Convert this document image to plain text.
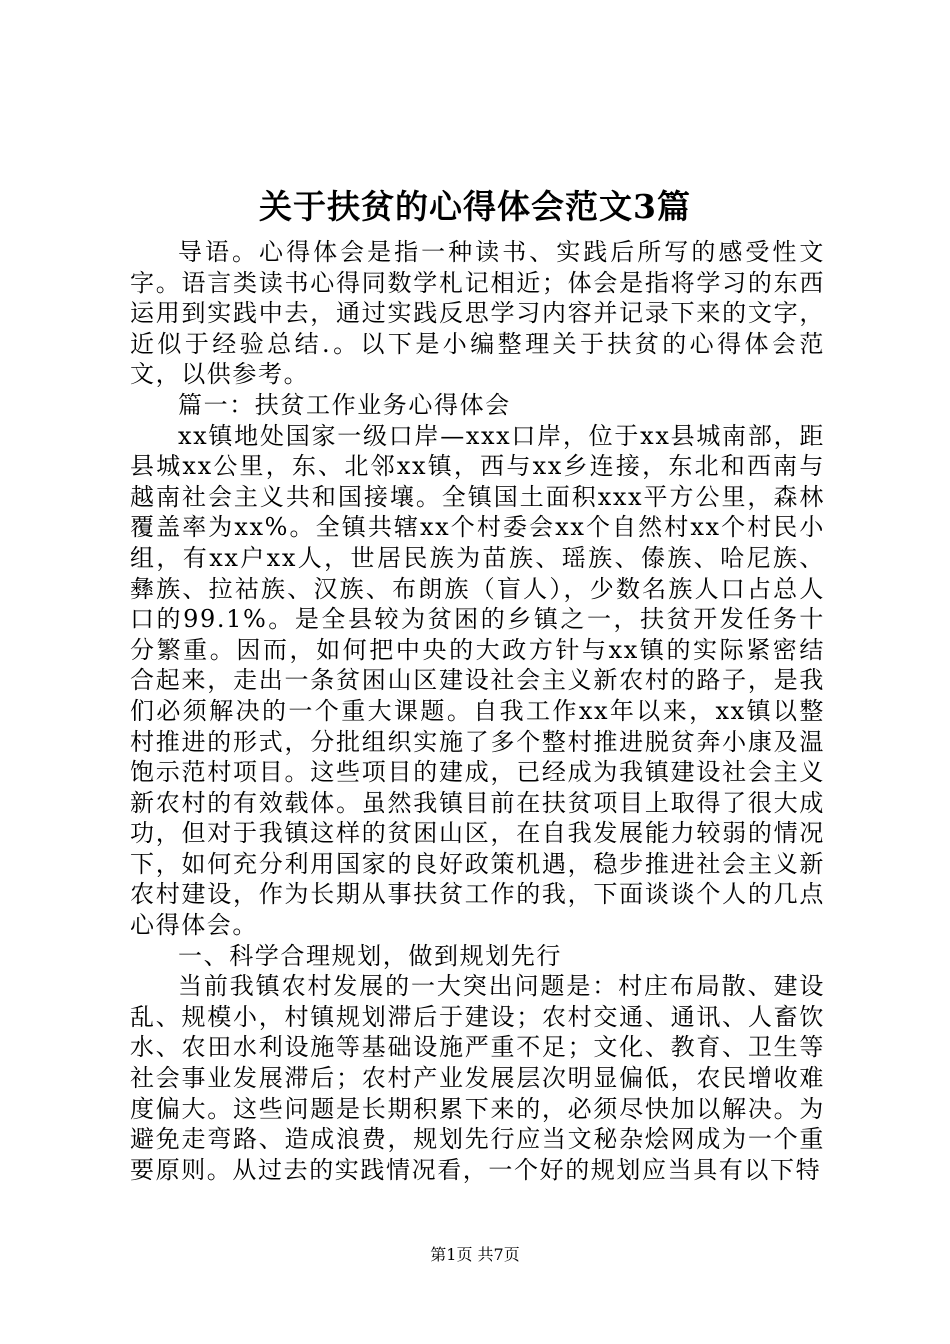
关于扶贫的心得体会范文3篇

导语。心得体会是指一种读书、实践后所写的感受性文字。语言类读书心得同数学札记相近；体会是指将学习的东西运用到实践中去，通过实践反思学习内容并记录下来的文字，近似于经验总结.。以下是小编整理关于扶贫的心得体会范文，以供参考。

篇一：扶贫工作业务心得体会

xx镇地处国家一级口岸—xxx口岸，位于xx县城南部，距县城xx公里，东、北邻xx镇，西与xx乡连接，东北和西南与越南社会主义共和国接壤。全镇国土面积xxx平方公里，森林覆盖率为xx%。全镇共辖xx个村委会xx个自然村xx个村民小组，有xx户xx人，世居民族为苗族、瑶族、傣族、哈尼族、彝族、拉祜族、汉族、布朗族（盲人），少数名族人口占总人口的99.1%。是全县较为贫困的乡镇之一，扶贫开发任务十分繁重。因而，如何把中央的大政方针与xx镇的实际紧密结合起来，走出一条贫困山区建设社会主义新农村的路子，是我们必须解决的一个重大课题。自我工作xx年以来，xx镇以整村推进的形式，分批组织实施了多个整村推进脱贫奔小康及温饱示范村项目。这些项目的建成，已经成为我镇建设社会主义新农村的有效载体。虽然我镇目前在扶贫项目上取得了很大成功，但对于我镇这样的贫困山区，在自我发展能力较弱的情况下，如何充分利用国家的良好政策机遇，稳步推进社会主义新农村建设，作为长期从事扶贫工作的我，下面谈谈个人的几点心得体会。

一、科学合理规划，做到规划先行

当前我镇农村发展的一大突出问题是：村庄布局散、建设乱、规模小，村镇规划滞后于建设；农村交通、通讯、人畜饮水、农田水利设施等基础设施严重不足；文化、教育、卫生等社会事业发展滞后；农村产业发展层次明显偏低，农民增收难度偏大。这些问题是长期积累下来的，必须尽快加以解决。为避免走弯路、造成浪费，规划先行应当文秘杂烩网成为一个重要原则。从过去的实践情况看，一个好的规划应当具有以下特

第1页 共7页
